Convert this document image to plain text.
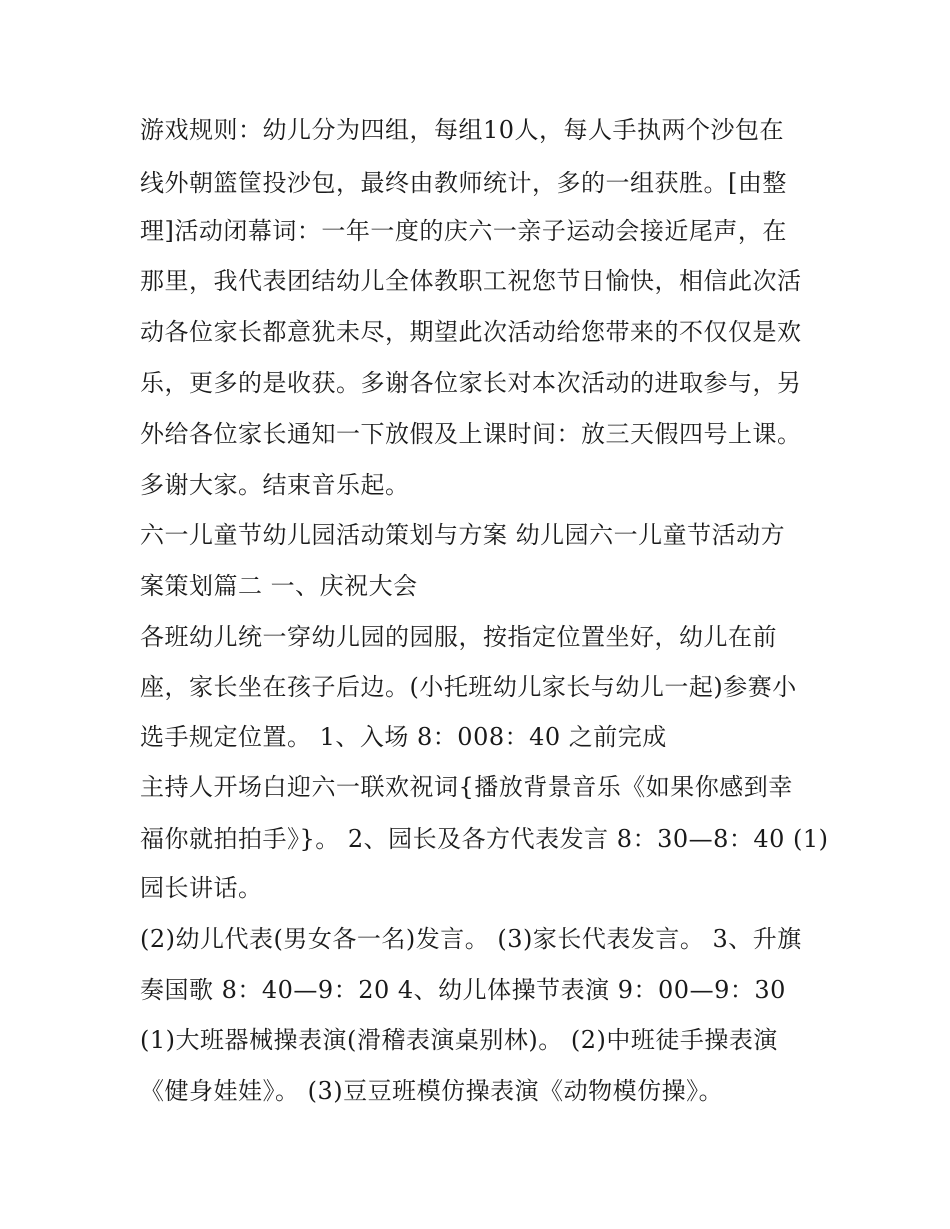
游戏规则：幼儿分为四组，每组10人，每人手执两个沙包在
线外朝篮筐投沙包，最终由教师统计，多的一组获胜。[由整
理]活动闭幕词：一年一度的庆六一亲子运动会接近尾声，在
那里，我代表团结幼儿全体教职工祝您节日愉快，相信此次活
动各位家长都意犹未尽，期望此次活动给您带来的不仅仅是欢
乐，更多的是收获。多谢各位家长对本次活动的进取参与，另
外给各位家长通知一下放假及上课时间：放三天假四号上课。
多谢大家。结束音乐起。
六一儿童节幼儿园活动策划与方案 幼儿园六一儿童节活动方
案策划篇二 一、庆祝大会
各班幼儿统一穿幼儿园的园服，按指定位置坐好，幼儿在前
座，家长坐在孩子后边。(小托班幼儿家长与幼儿一起)参赛小
选手规定位置。 1、入场 8：008：40 之前完成
主持人开场白迎六一联欢祝词{播放背景音乐《如果你感到幸
福你就拍拍手》}。 2、园长及各方代表发言 8：30—8：40 (1)
园长讲话。
(2)幼儿代表(男女各一名)发言。 (3)家长代表发言。 3、升旗
奏国歌 8：40—9：20 4、幼儿体操节表演 9：00—9：30
(1)大班器械操表演(滑稽表演桌别林)。 (2)中班徒手操表演
《健身娃娃》。 (3)豆豆班模仿操表演《动物模仿操》。
